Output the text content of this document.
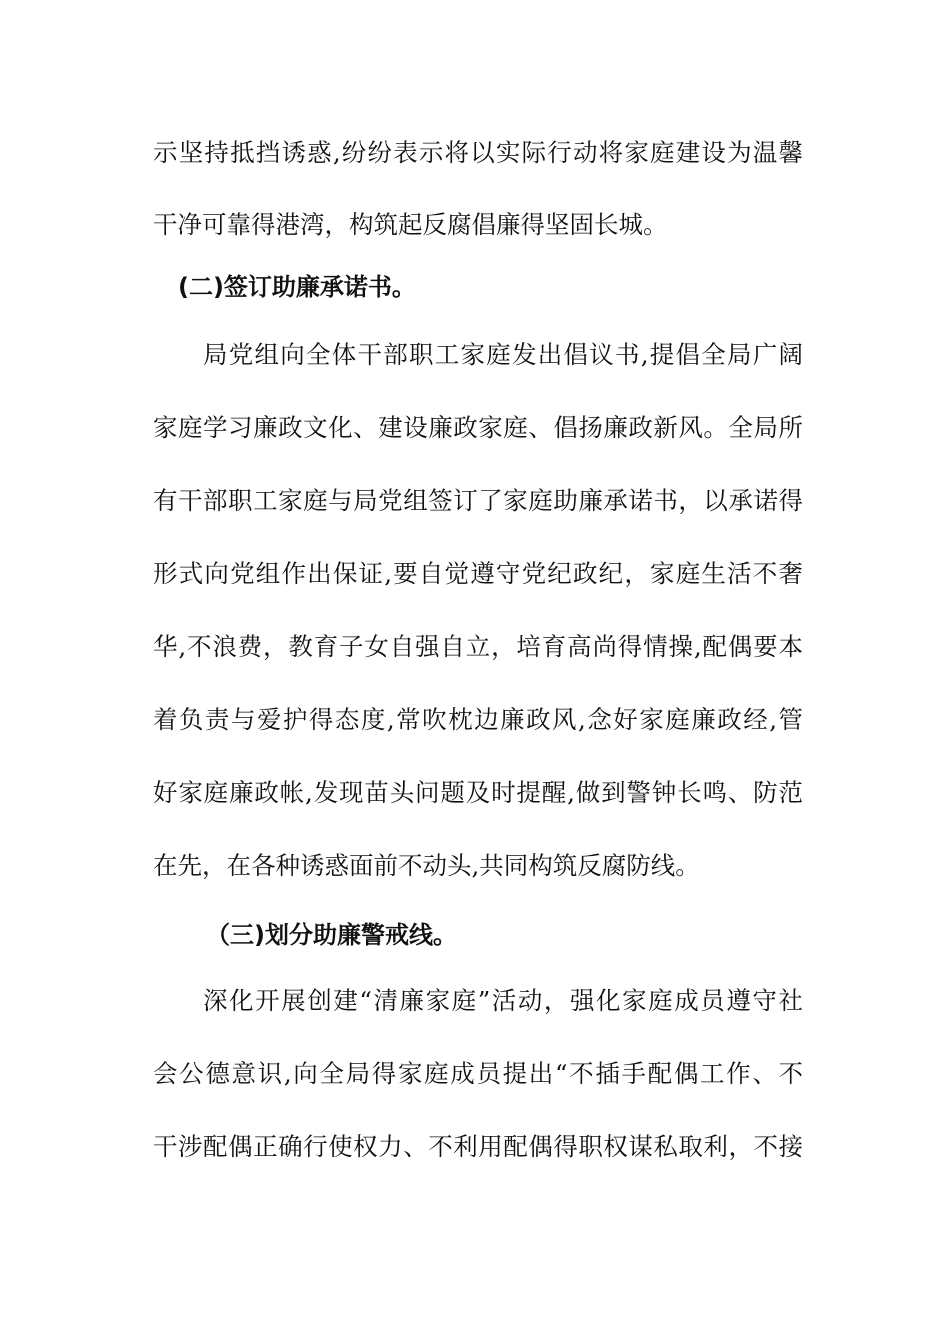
示坚持抵挡诱惑,纷纷表示将以实际行动将家庭建设为温馨
干净可靠得港湾，构筑起反腐倡廉得坚固长城。
(二)签订助廉承诺书。
局党组向全体干部职工家庭发出倡议书,提倡全局广阔
家庭学习廉政文化、建设廉政家庭、倡扬廉政新风。全局所
有干部职工家庭与局党组签订了家庭助廉承诺书，以承诺得
形式向党组作出保证,要自觉遵守党纪政纪，家庭生活不奢
华,不浪费，教育子女自强自立，培育高尚得情操,配偶要本
着负责与爱护得态度,常吹枕边廉政风,念好家庭廉政经,管
好家庭廉政帐,发现苗头问题及时提醒,做到警钟长鸣、防范
在先，在各种诱惑面前不动头,共同构筑反腐防线。
（三)划分助廉警戒线。
深化开展创建“清廉家庭”活动，强化家庭成员遵守社
会公德意识,向全局得家庭成员提出“不插手配偶工作、不
干涉配偶正确行使权力、不利用配偶得职权谋私取利，不接
